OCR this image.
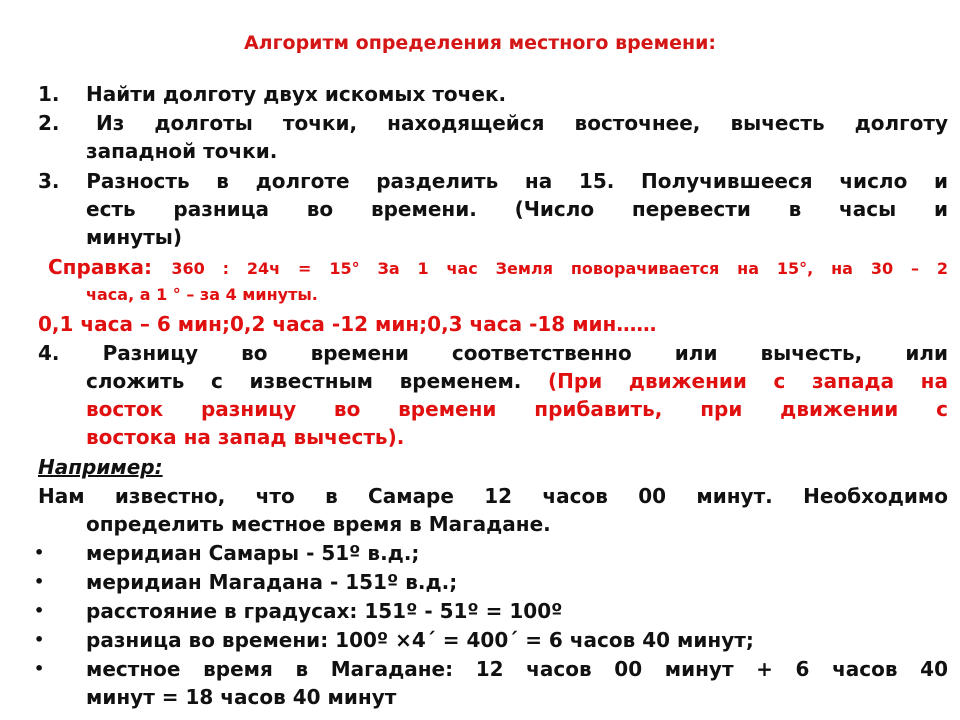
Алгоритм определения местного времени:
1. Найти долготу двух искомых точек.
2. Из долготы точки, находящейся восточнее, вычесть долготу
западной точки.
3. Разность в долготе разделить на 15. Получившееся число и
есть разница во времени. (Число перевести в часы и
минуты)
Справка: 360 : 24ч = 15° За 1 час Земля поворачивается на 15°, на 30 – 2
часа, а 1 ° – за 4 минуты.
0,1 часа – 6 мин;0,2 часа -12 мин;0,3 часа -18 мин……
4. Разницу во времени соответственно или вычесть, или
сложить с известным временем. (При движении с запада на
восток разницу во времени прибавить, при движении с
востока на запад вычесть).
Например:
Нам известно, что в Самаре 12 часов 00 минут. Необходимо
определить местное время в Магадане.
• меридиан Самары - 51º в.д.;
• меридиан Магадана - 151º в.д.;
• расстояние в градусах: 151º - 51º = 100º
• разница во времени: 100º ×4´ = 400´ = 6 часов 40 минут;
• местное время в Магадане: 12 часов 00 минут + 6 часов 40
минут = 18 часов 40 минут
